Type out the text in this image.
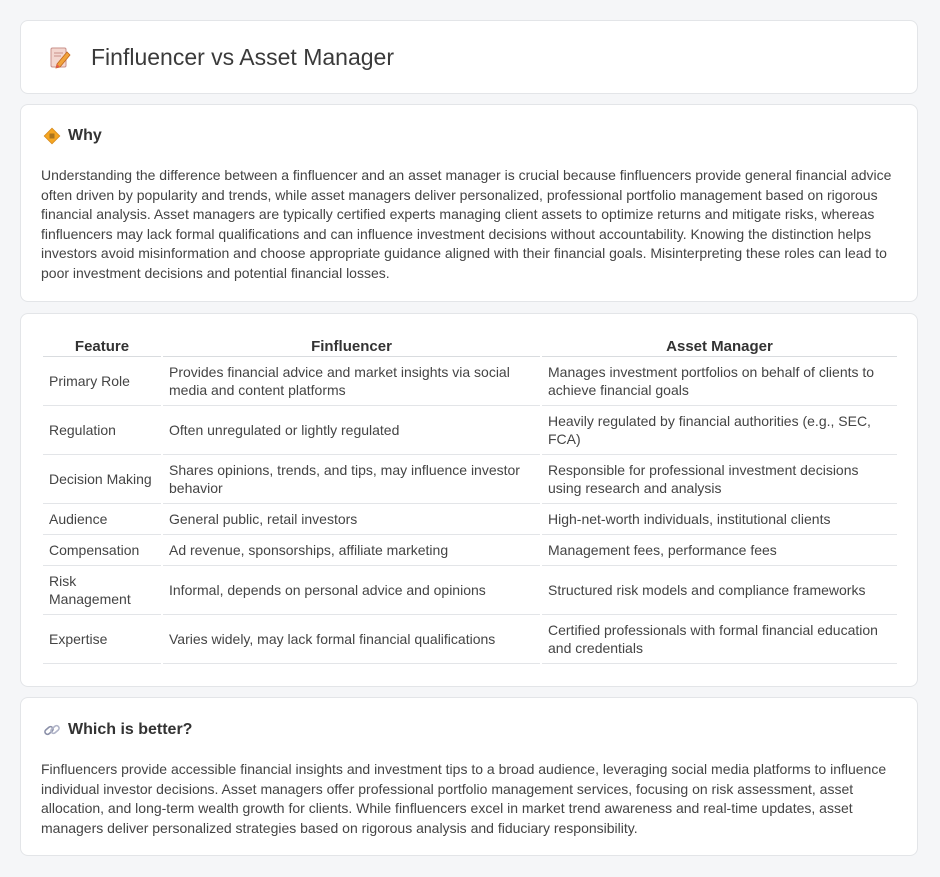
Finfluencer vs Asset Manager
Why

Understanding the difference between a finfluencer and an asset manager is crucial because finfluencers provide general financial advice often driven by popularity and trends, while asset managers deliver personalized, professional portfolio management based on rigorous financial analysis. Asset managers are typically certified experts managing client assets to optimize returns and mitigate risks, whereas finfluencers may lack formal qualifications and can influence investment decisions without accountability. Knowing the distinction helps investors avoid misinformation and choose appropriate guidance aligned with their financial goals. Misinterpreting these roles can lead to poor investment decisions and potential financial losses.

Feature	Finfluencer	Asset Manager
Primary Role	Provides financial advice and market insights via social media and content platforms	Manages investment portfolios on behalf of clients to achieve financial goals
Regulation	Often unregulated or lightly regulated	Heavily regulated by financial authorities (e.g., SEC, FCA)
Decision Making	Shares opinions, trends, and tips, may influence investor behavior	Responsible for professional investment decisions using research and analysis
Audience	General public, retail investors	High-net-worth individuals, institutional clients
Compensation	Ad revenue, sponsorships, affiliate marketing	Management fees, performance fees
Risk Management	Informal, depends on personal advice and opinions	Structured risk models and compliance frameworks
Expertise	Varies widely, may lack formal financial qualifications	Certified professionals with formal financial education and credentials
Which is better?

Finfluencers provide accessible financial insights and investment tips to a broad audience, leveraging social media platforms to influence individual investor decisions. Asset managers offer professional portfolio management services, focusing on risk assessment, asset allocation, and long-term wealth growth for clients. While finfluencers excel in market trend awareness and real-time updates, asset managers deliver personalized strategies based on rigorous analysis and fiduciary responsibility.
